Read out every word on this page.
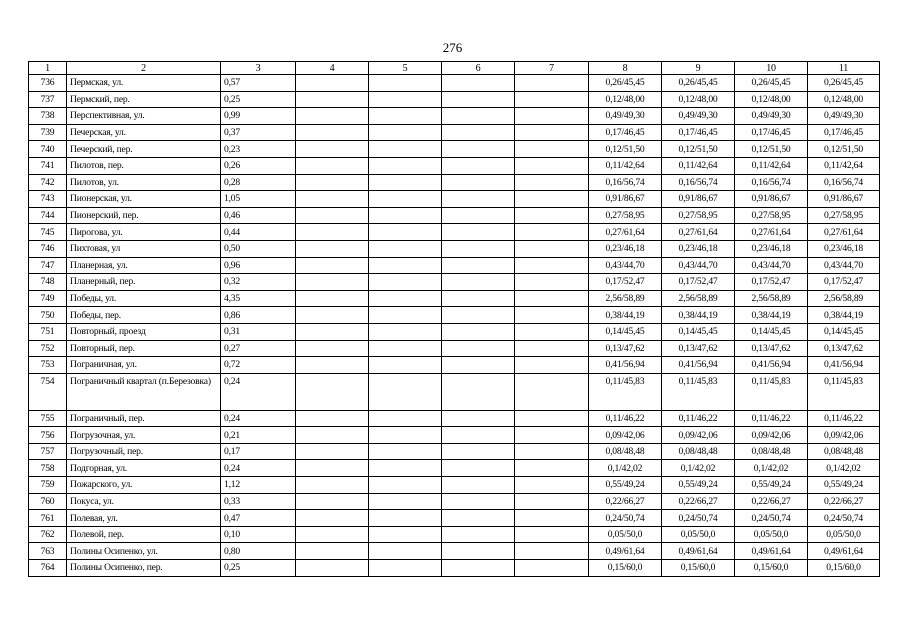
276
1	2	3	4	5	6	7	8	9	10	11
736	Пермская, ул.	0,57					0,26/45,45	0,26/45,45	0,26/45,45	0,26/45,45
737	Пермский, пер.	0,25					0,12/48,00	0,12/48,00	0,12/48,00	0,12/48,00
738	Перспективная, ул.	0,99					0,49/49,30	0,49/49,30	0,49/49,30	0,49/49,30
739	Печерская, ул.	0,37					0,17/46,45	0,17/46,45	0,17/46,45	0,17/46,45
740	Печерский, пер.	0,23					0,12/51,50	0,12/51,50	0,12/51,50	0,12/51,50
741	Пилотов, пер.	0,26					0,11/42,64	0,11/42,64	0,11/42,64	0,11/42,64
742	Пилотов, ул.	0,28					0,16/56,74	0,16/56,74	0,16/56,74	0,16/56,74
743	Пионерская, ул.	1,05					0,91/86,67	0,91/86,67	0,91/86,67	0,91/86,67
744	Пионерский, пер.	0,46					0,27/58,95	0,27/58,95	0,27/58,95	0,27/58,95
745	Пирогова, ул.	0,44					0,27/61,64	0,27/61,64	0,27/61,64	0,27/61,64
746	Пихтовая, ул	0,50					0,23/46,18	0,23/46,18	0,23/46,18	0,23/46,18
747	Планерная, ул.	0,96					0,43/44,70	0,43/44,70	0,43/44,70	0,43/44,70
748	Планерный, пер.	0,32					0,17/52,47	0,17/52,47	0,17/52,47	0,17/52,47
749	Победы, ул.	4,35					2,56/58,89	2,56/58,89	2,56/58,89	2,56/58,89
750	Победы, пер.	0,86					0,38/44,19	0,38/44,19	0,38/44,19	0,38/44,19
751	Повторный, проезд	0,31					0,14/45,45	0,14/45,45	0,14/45,45	0,14/45,45
752	Повторный, пер.	0,27					0,13/47,62	0,13/47,62	0,13/47,62	0,13/47,62
753	Пограничная, ул.	0,72					0,41/56,94	0,41/56,94	0,41/56,94	0,41/56,94
754	Пограничный квартал (п.Березовка)	0,24					0,11/45,83	0,11/45,83	0,11/45,83	0,11/45,83
755	Пограничный, пер.	0,24					0,11/46,22	0,11/46,22	0,11/46,22	0,11/46,22
756	Погрузочная, ул.	0,21					0,09/42,06	0,09/42,06	0,09/42,06	0,09/42,06
757	Погрузочный, пер.	0,17					0,08/48,48	0,08/48,48	0,08/48,48	0,08/48,48
758	Подгорная, ул.	0,24					0,1/42,02	0,1/42,02	0,1/42,02	0,1/42,02
759	Пожарского, ул.	1,12					0,55/49,24	0,55/49,24	0,55/49,24	0,55/49,24
760	Покуса, ул.	0,33					0,22/66,27	0,22/66,27	0,22/66,27	0,22/66,27
761	Полевая, ул.	0,47					0,24/50,74	0,24/50,74	0,24/50,74	0,24/50,74
762	Полевой, пер.	0,10					0,05/50,0	0,05/50,0	0,05/50,0	0,05/50,0
763	Полины Осипенко, ул.	0,80					0,49/61,64	0,49/61,64	0,49/61,64	0,49/61,64
764	Полины Осипенко, пер.	0,25					0,15/60,0	0,15/60,0	0,15/60,0	0,15/60,0
